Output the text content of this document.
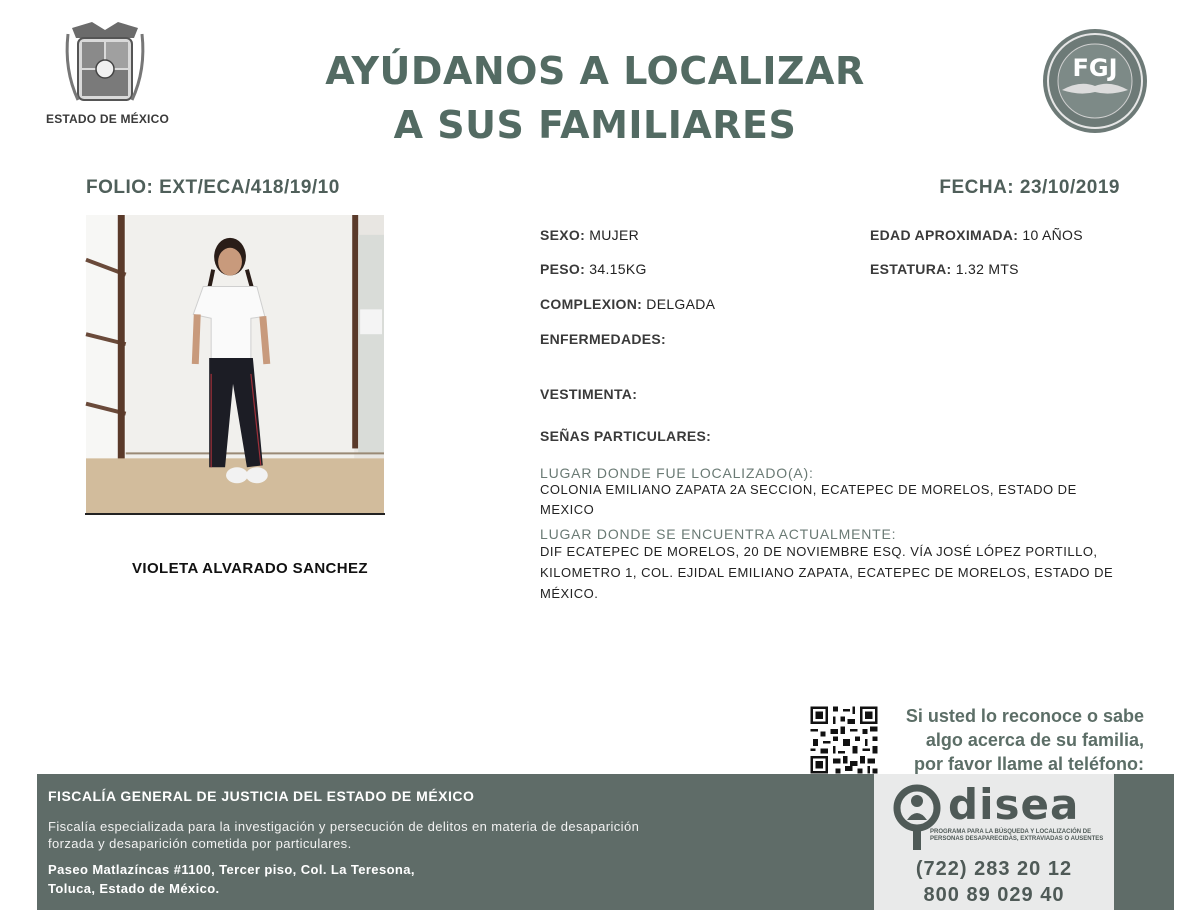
ESTADO DE MÉXICO
AYÚDANOS A LOCALIZAR
A SUS FAMILIARES
FGJ
FOLIO: EXT/ECA/418/19/10	FECHA: 23/10/2019
VIOLETA ALVARADO SANCHEZ
SEXO: MUJER	EDAD APROXIMADA: 10 AÑOS
PESO: 34.15KG	ESTATURA: 1.32 MTS
COMPLEXION: DELGADA
ENFERMEDADES:
VESTIMENTA:
SEÑAS PARTICULARES:
LUGAR DONDE FUE LOCALIZADO(A):
COLONIA EMILIANO ZAPATA 2A SECCION, ECATEPEC DE MORELOS, ESTADO DE MEXICO
LUGAR DONDE SE ENCUENTRA ACTUALMENTE:
DIF ECATEPEC DE MORELOS, 20 DE NOVIEMBRE ESQ. VÍA JOSÉ LÓPEZ PORTILLO, KILOMETRO 1, COL. EJIDAL EMILIANO ZAPATA, ECATEPEC DE MORELOS, ESTADO DE MÉXICO.
Si usted lo reconoce o sabe
algo acerca de su familia,
por favor llame al teléfono:
FISCALÍA GENERAL DE JUSTICIA DEL ESTADO DE MÉXICO
Fiscalía especializada para la investigación y persecución de delitos en materia de desaparición forzada y desaparición cometida por particulares.
Paseo Matlazíncas #1100, Tercer piso, Col. La Teresona,
Toluca, Estado de México.
disea
PROGRAMA PARA LA BÚSQUEDA Y LOCALIZACIÓN DE PERSONAS DESAPARECIDAS, EXTRAVIADAS O AUSENTES
(722) 283 20 12
800 89 029 40
